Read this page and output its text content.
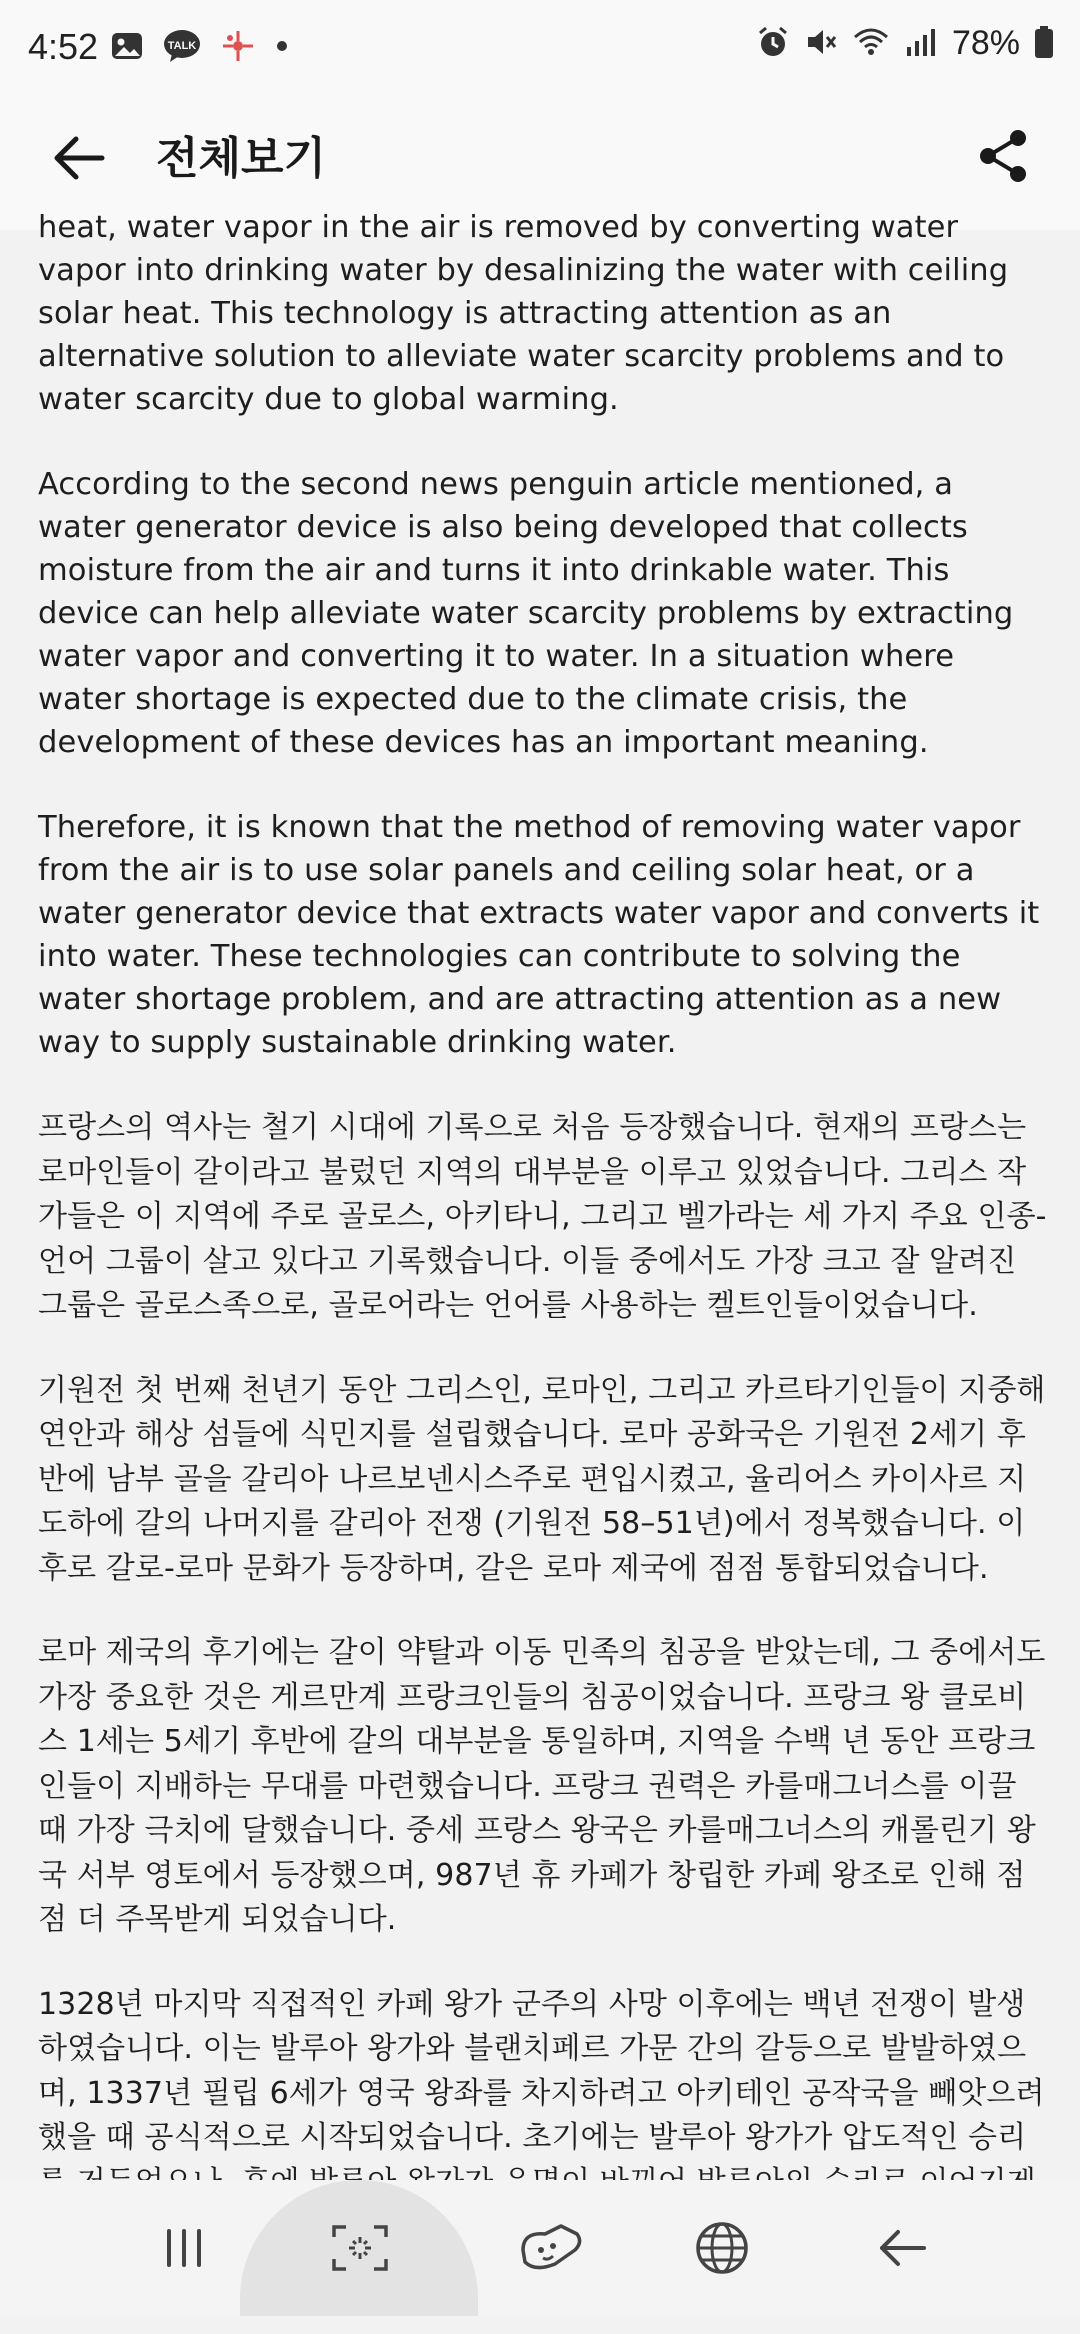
4:52	TALK	78%
전체보기

heat, water vapor in the air is removed by converting water vapor into drinking water by desalinizing the water with ceiling solar heat. This technology is attracting attention as an alternative solution to alleviate water scarcity problems and to water scarcity due to global warming.

According to the second news penguin article mentioned, a water generator device is also being developed that collects moisture from the air and turns it into drinkable water. This device can help alleviate water scarcity problems by extracting water vapor and converting it to water. In a situation where water shortage is expected due to the climate crisis, the development of these devices has an important meaning.

Therefore, it is known that the method of removing water vapor from the air is to use solar panels and ceiling solar heat, or a water generator device that extracts water vapor and converts it into water. These technologies can contribute to solving the water shortage problem, and are attracting attention as a new way to supply sustainable drinking water.

프랑스의 역사는 철기 시대에 기록으로 처음 등장했습니다. 현재의 프랑스는 로마인들이 갈이라고 불렀던 지역의 대부분을 이루고 있었습니다. 그리스 작가들은 이 지역에 주로 골로스, 아키타니, 그리고 벨가라는 세 가지 주요 인종-언어 그룹이 살고 있다고 기록했습니다. 이들 중에서도 가장 크고 잘 알려진 그룹은 골로스족으로, 골로어라는 언어를 사용하는 켈트인들이었습니다.

기원전 첫 번째 천년기 동안 그리스인, 로마인, 그리고 카르타기인들이 지중해 연안과 해상 섬들에 식민지를 설립했습니다. 로마 공화국은 기원전 2세기 후반에 남부 골을 갈리아 나르보넨시스주로 편입시켰고, 율리어스 카이사르 지도하에 갈의 나머지를 갈리아 전쟁 (기원전 58–51년)에서 정복했습니다. 이후로 갈로-로마 문화가 등장하며, 갈은 로마 제국에 점점 통합되었습니다.

로마 제국의 후기에는 갈이 약탈과 이동 민족의 침공을 받았는데, 그 중에서도 가장 중요한 것은 게르만계 프랑크인들의 침공이었습니다. 프랑크 왕 클로비스 1세는 5세기 후반에 갈의 대부분을 통일하며, 지역을 수백 년 동안 프랑크인들이 지배하는 무대를 마련했습니다. 프랑크 권력은 카를매그너스를 이끌 때 가장 극치에 달했습니다. 중세 프랑스 왕국은 카를매그너스의 캐롤린기 왕국 서부 영토에서 등장했으며, 987년 휴 카페가 창립한 카페 왕조로 인해 점점 더 주목받게 되었습니다.

1328년 마지막 직접적인 카페 왕가 군주의 사망 이후에는 백년 전쟁이 발생하였습니다. 이는 발루아 왕가와 블랜치페르 가문 간의 갈등으로 발발하였으며, 1337년 필립 6세가 영국 왕좌를 차지하려고 아키테인 공작국을 빼앗으려 했을 때 공식적으로 시작되었습니다. 초기에는 발루아 왕가가 압도적인 승리
